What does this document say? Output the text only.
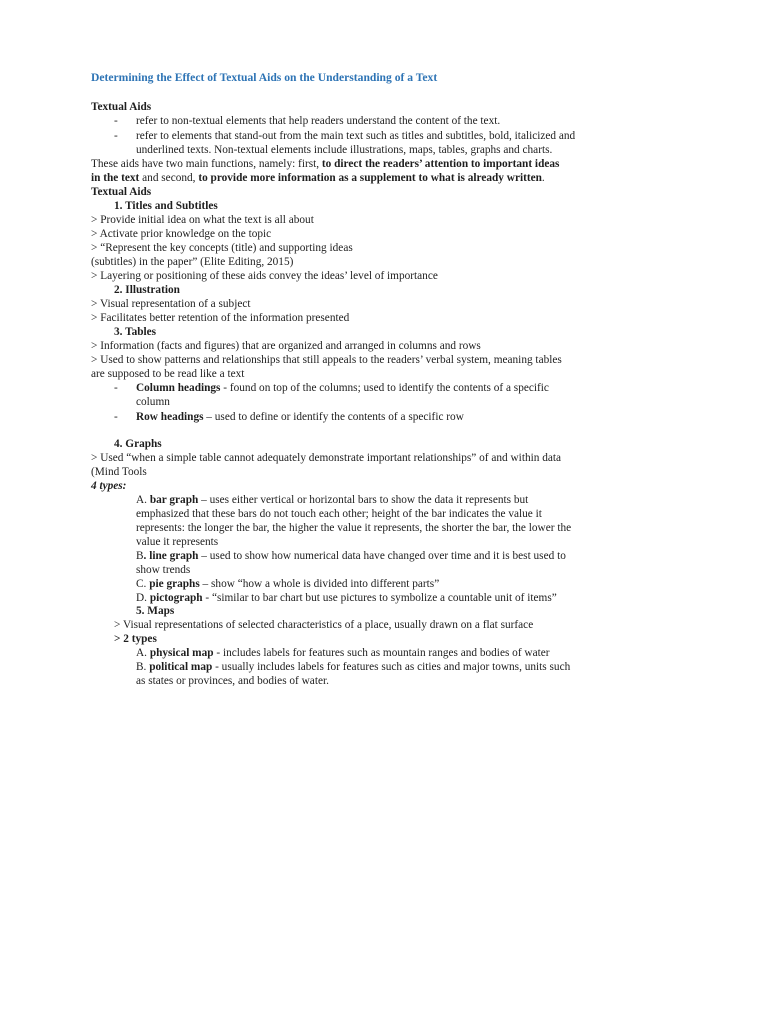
Determining the Effect of Textual Aids on the Understanding of a Text
Textual Aids
- refer to non-textual elements that help readers understand the content of the text.
- refer to elements that stand-out from the main text such as titles and subtitles, bold, italicized and
underlined texts. Non-textual elements include illustrations, maps, tables, graphs and charts.
These aids have two main functions, namely: first, to direct the readers’ attention to important ideas
in the text and second, to provide more information as a supplement to what is already written.
Textual Aids
1. Titles and Subtitles
> Provide initial idea on what the text is all about
> Activate prior knowledge on the topic
> “Represent the key concepts (title) and supporting ideas
(subtitles) in the paper” (Elite Editing, 2015)
> Layering or positioning of these aids convey the ideas’ level of importance
2. Illustration
> Visual representation of a subject
> Facilitates better retention of the information presented
3. Tables
> Information (facts and figures) that are organized and arranged in columns and rows
> Used to show patterns and relationships that still appeals to the readers’ verbal system, meaning tables
are supposed to be read like a text
- Column headings - found on top of the columns; used to identify the contents of a specific
column
- Row headings – used to define or identify the contents of a specific row
4. Graphs
> Used “when a simple table cannot adequately demonstrate important relationships” of and within data
(Mind Tools
4 types:
A. bar graph – uses either vertical or horizontal bars to show the data it represents but
emphasized that these bars do not touch each other; height of the bar indicates the value it
represents: the longer the bar, the higher the value it represents, the shorter the bar, the lower the
value it represents
B. line graph – used to show how numerical data have changed over time and it is best used to
show trends
C. pie graphs – show “how a whole is divided into different parts”
D. pictograph - “similar to bar chart but use pictures to symbolize a countable unit of items”
5. Maps
> Visual representations of selected characteristics of a place, usually drawn on a flat surface
> 2 types
A. physical map - includes labels for features such as mountain ranges and bodies of water
B. political map - usually includes labels for features such as cities and major towns, units such
as states or provinces, and bodies of water.
